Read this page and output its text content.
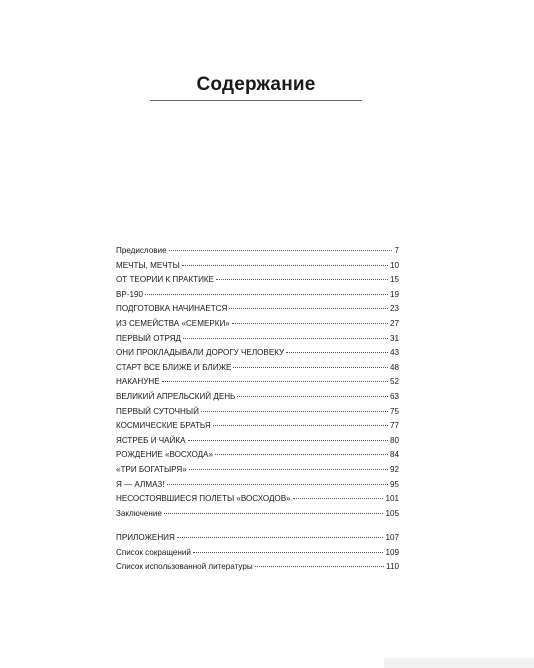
Содержание
Предисловие	7
МЕЧТЫ, МЕЧТЫ	10
ОТ ТЕОРИИ К ПРАКТИКЕ	15
ВР-190	19
ПОДГОТОВКА НАЧИНАЕТСЯ	23
ИЗ СЕМЕЙСТВА «СЕМЕРКИ»	27
ПЕРВЫЙ ОТРЯД	31
ОНИ ПРОКЛАДЫВАЛИ ДОРОГУ ЧЕЛОВЕКУ	43
СТАРТ ВСЕ БЛИЖЕ И БЛИЖЕ	48
НАКАНУНЕ	52
ВЕЛИКИЙ АПРЕЛЬСКИЙ ДЕНЬ	63
ПЕРВЫЙ СУТОЧНЫЙ	75
КОСМИЧЕСКИЕ БРАТЬЯ	77
ЯСТРЕБ И ЧАЙКА	80
РОЖДЕНИЕ «ВОСХОДА»	84
«ТРИ БОГАТЫРЯ»	92
Я — АЛМАЗ!	95
НЕСОСТОЯВШИЕСЯ ПОЛЕТЫ «ВОСХОДОВ»	101
Заключение	105
ПРИЛОЖЕНИЯ	107
Список сокращений	109
Список использованной литературы	110
